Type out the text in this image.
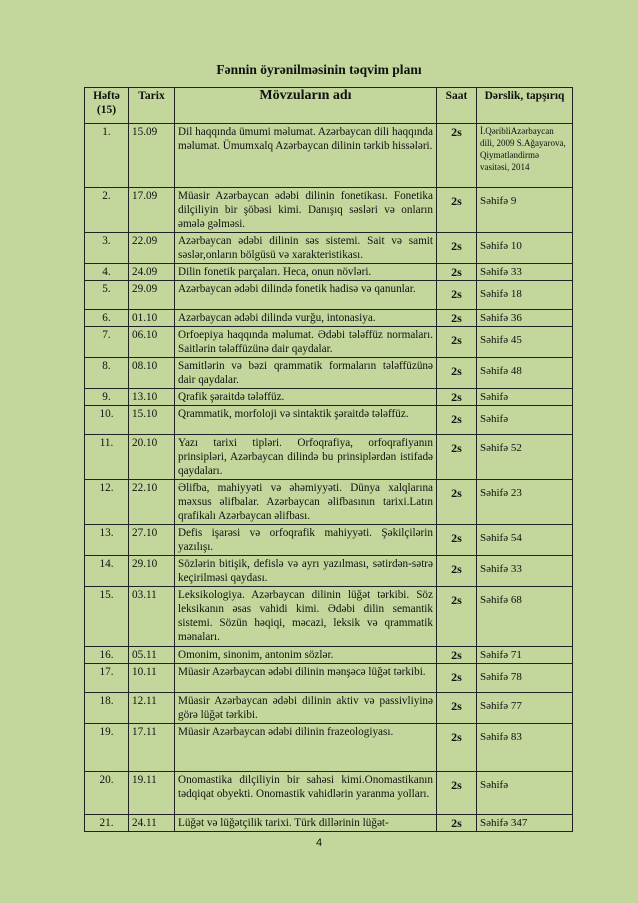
Fənnin öyrənilməsinin təqvim planı
Həftə (15)	Tarix	Mövzuların adı	Saat	Dərslik, tapşırıq
1.	15.09	Dil haqqında ümumi məlumat. Azərbaycan dili haqqında məlumat. Ümumxalq Azərbaycan dilinin tərkib hissələri.	2s	İ.QəribliAzərbaycan dili, 2009 S.Ağayarova, Qiymətləndirmə vasitəsi, 2014
2.	17.09	Müasir Azərbaycan ədəbi dilinin fonetikası. Fonetika dilçiliyin bir şöbəsi kimi. Danışıq səsləri və onların əmələ gəlməsi.	2s	Səhifə 9
3.	22.09	Azərbaycan ədəbi dilinin səs sistemi. Sait və samit səslər,onların bölgüsü və xarakteristikası.	2s	Səhifə 10
4.	24.09	Dilin fonetik parçaları. Heca, onun növləri.	2s	Səhifə 33
5.	29.09	Azərbaycan ədəbi dilində fonetik hadisə və qanunlar.	2s	Səhifə 18
6.	01.10	Azərbaycan ədəbi dilində vurğu, intonasiya.	2s	Səhifə 36
7.	06.10	Orfoepiya haqqında məlumat. Ədəbi tələffüz normaları. Saitlərin tələffüzünə dair qaydalar.	2s	Səhifə 45
8.	08.10	Samitlərin və bəzi qrammatik formaların tələffüzünə dair qaydalar.	2s	Səhifə 48
9.	13.10	Qrafik şəraitdə tələffüz.	2s	Səhifə
10.	15.10	Qrammatik, morfoloji və sintaktik şəraitdə tələffüz.	2s	Səhifə
11.	20.10	Yazı tarixi tipləri. Orfoqrafiya, orfoqrafiyanın prinsipləri, Azərbaycan dilində bu prinsiplərdən istifadə qaydaları.	2s	Səhifə 52
12.	22.10	Əlifba, mahiyyəti və əhəmiyyəti. Dünya xalqlarına məxsus əlifbalar. Azərbaycan əlifbasının tarixi.Latın qrafikalı Azərbaycan əlifbası.	2s	Səhifə 23
13.	27.10	Defis işarəsi və orfoqrafik mahiyyəti. Şəkilçilərin yazılışı.	2s	Səhifə 54
14.	29.10	Sözlərin bitişik, defislə və ayrı yazılması, sətirdən-sətrə keçirilməsi qaydası.	2s	Səhifə 33
15.	03.11	Leksikologiya. Azərbaycan dilinin lüğət tərkibi. Söz leksikanın əsas vahidi kimi. Ədəbi dilin semantik sistemi. Sözün həqiqi, məcazi, leksik və qrammatik mənaları.	2s	Səhifə 68
16.	05.11	Omonim, sinonim, antonim sözlər.	2s	Səhifə 71
17.	10.11	Müasir Azərbaycan ədəbi dilinin mənşəcə lüğət tərkibi.	2s	Səhifə 78
18.	12.11	Müasir Azərbaycan ədəbi dilinin aktiv və passivliyinə görə lüğət tərkibi.	2s	Səhifə 77
19.	17.11	Müasir Azərbaycan ədəbi dilinin frazeologiyası.	2s	Səhifə 83
20.	19.11	Onomastika dilçiliyin bir sahəsi kimi.Onomastikanın tədqiqat obyekti. Onomastik vahidlərin yaranma yolları.	2s	Səhifə
21.	24.11	Lüğət və lüğətçilik tarixi. Türk dillərinin lüğət-	2s	Səhifə 347
4
